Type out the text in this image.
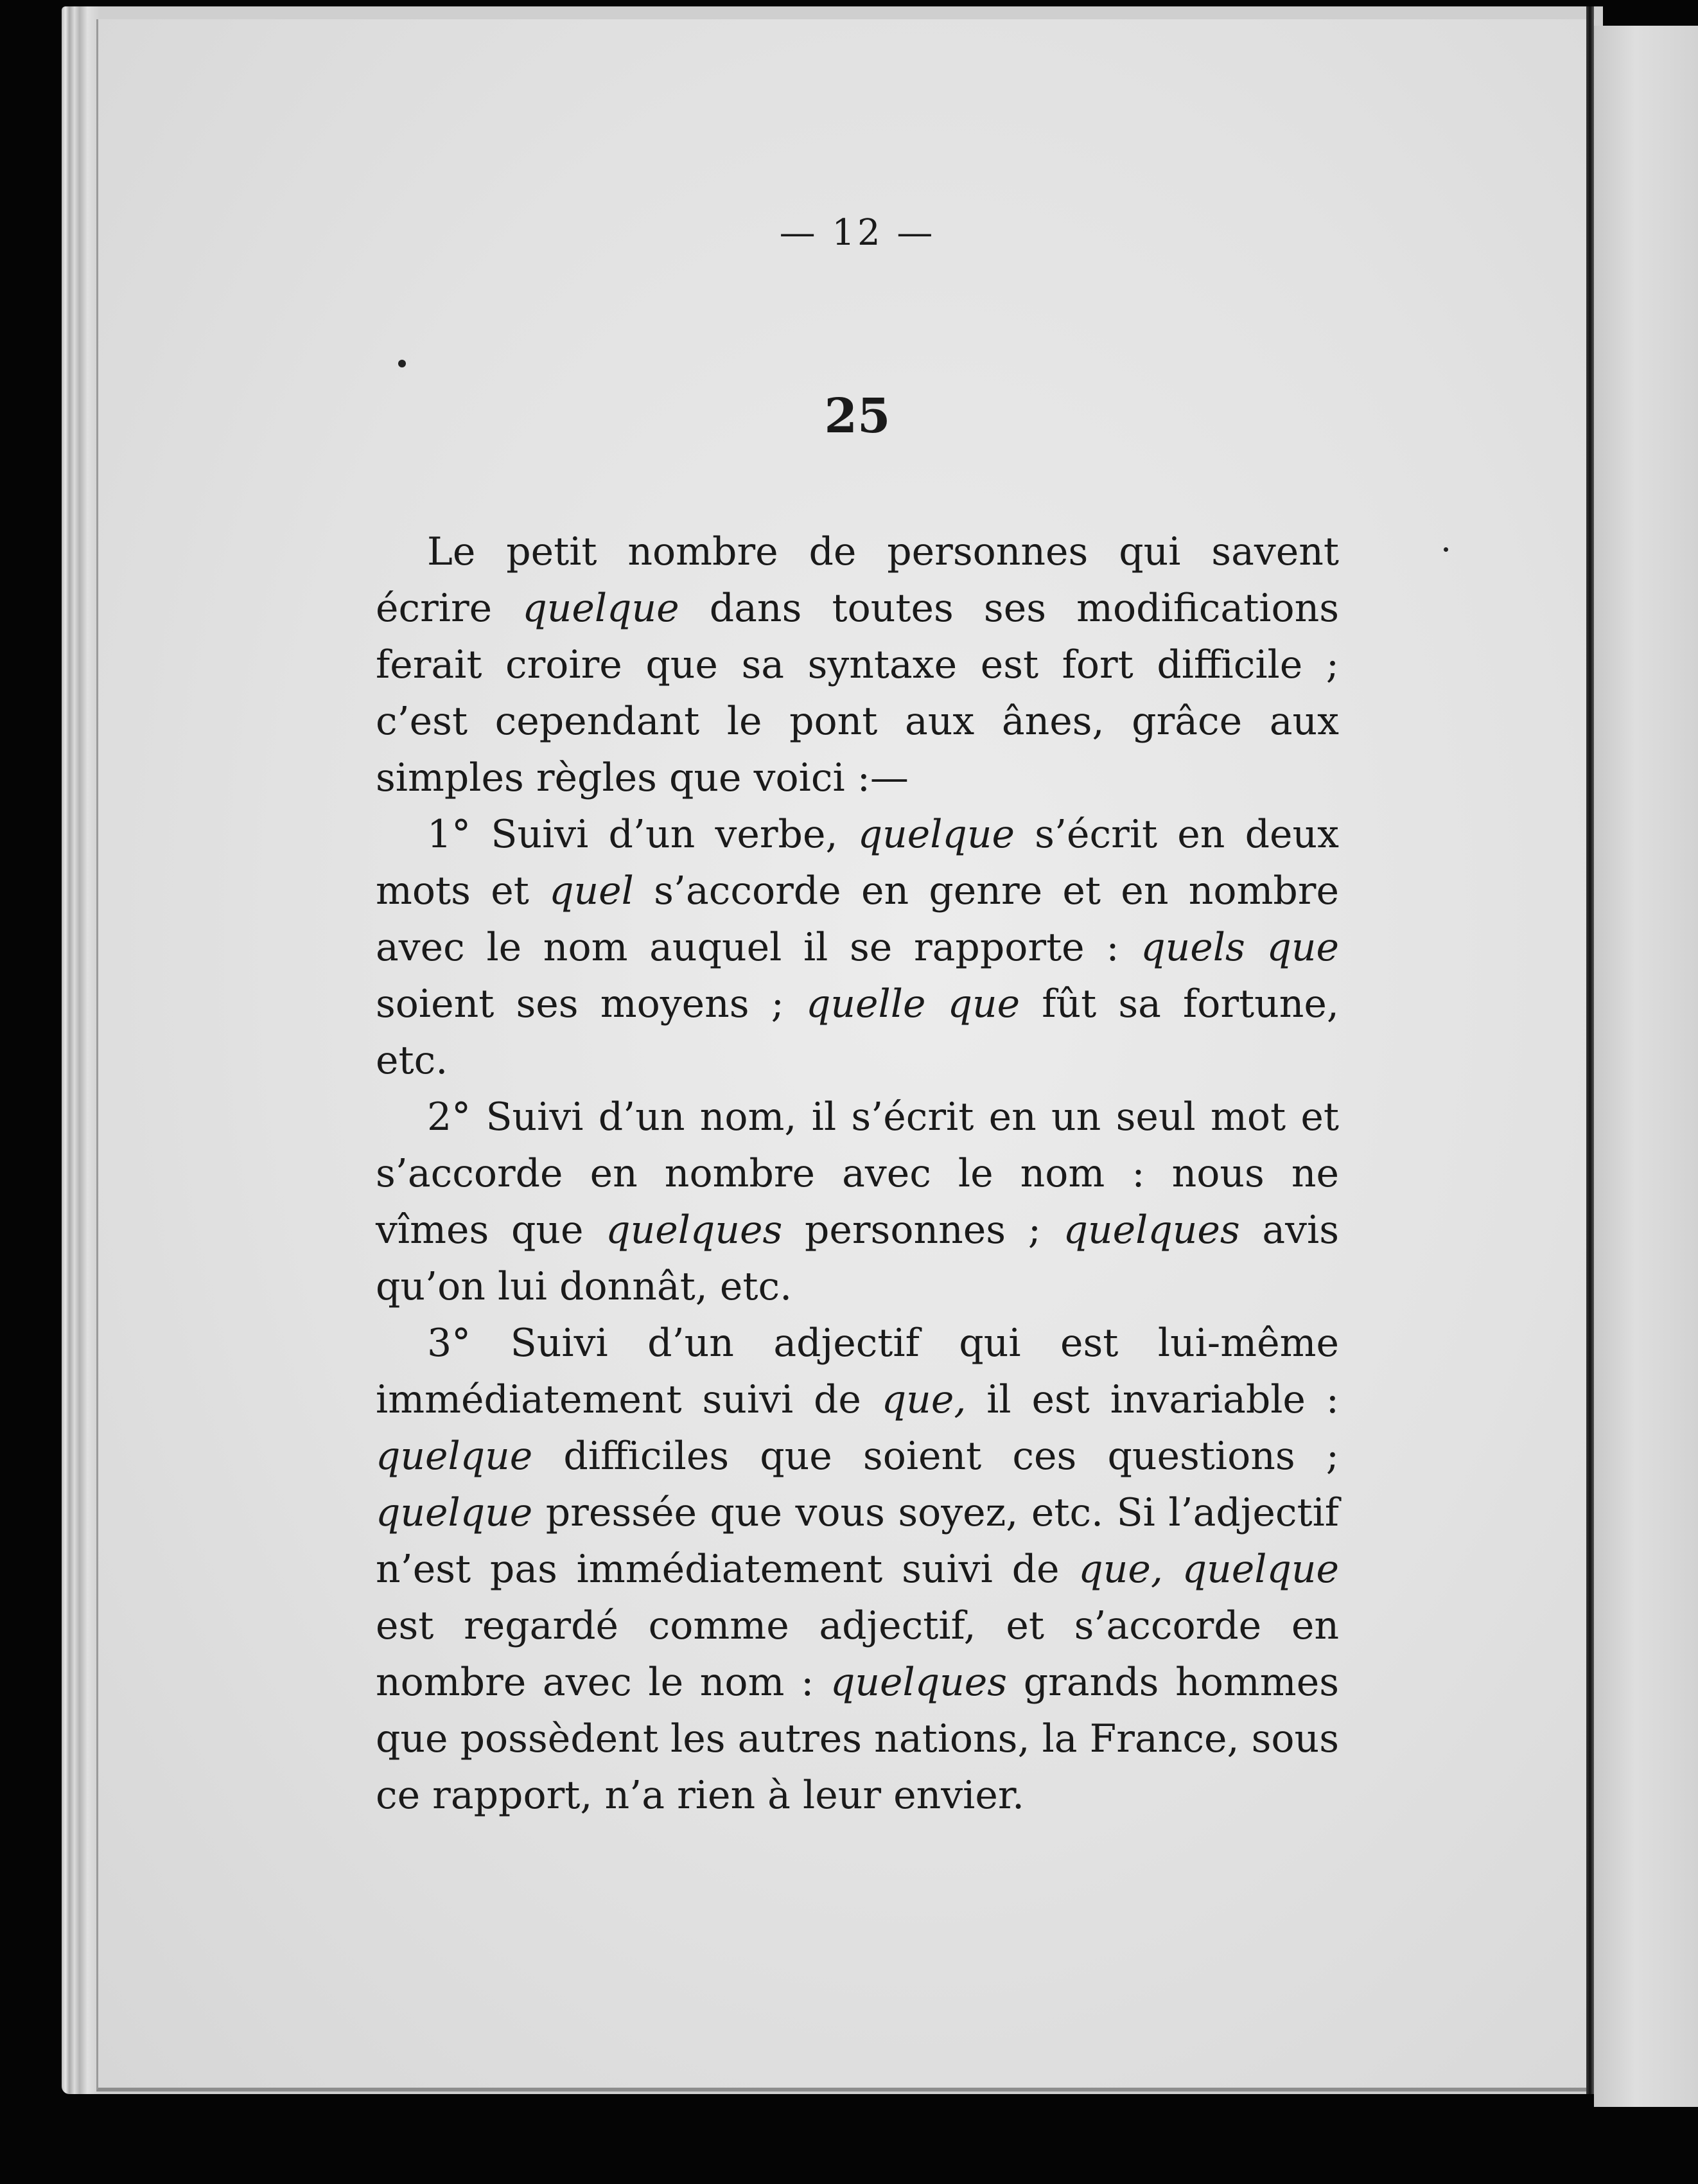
— 12 —
25

Le petit nombre de personnes qui savent écrire quelque dans toutes ses modifications ferait croire que sa syntaxe est fort difficile ; c’est cependant le pont aux ânes, grâce aux simples règles que voici :—

1° Suivi d’un verbe, quelque s’écrit en deux mots et quel s’accorde en genre et en nombre avec le nom auquel il se rapporte : quels que soient ses moyens ; quelle que fût sa fortune, etc.

2° Suivi d’un nom, il s’écrit en un seul mot et s’accorde en nombre avec le nom : nous ne vîmes que quelques personnes ; quelques avis qu’on lui donnât, etc.

3° Suivi d’un adjectif qui est lui-même immédiatement suivi de que, il est invariable : quelque difficiles que soient ces questions ; quelque pressée que vous soyez, etc. Si l’adjectif n’est pas immédiatement suivi de que, quelque est regardé comme adjectif, et s’accorde en nombre avec le nom : quelques grands hommes que possèdent les autres nations, la France, sous ce rapport, n’a rien à leur envier.
